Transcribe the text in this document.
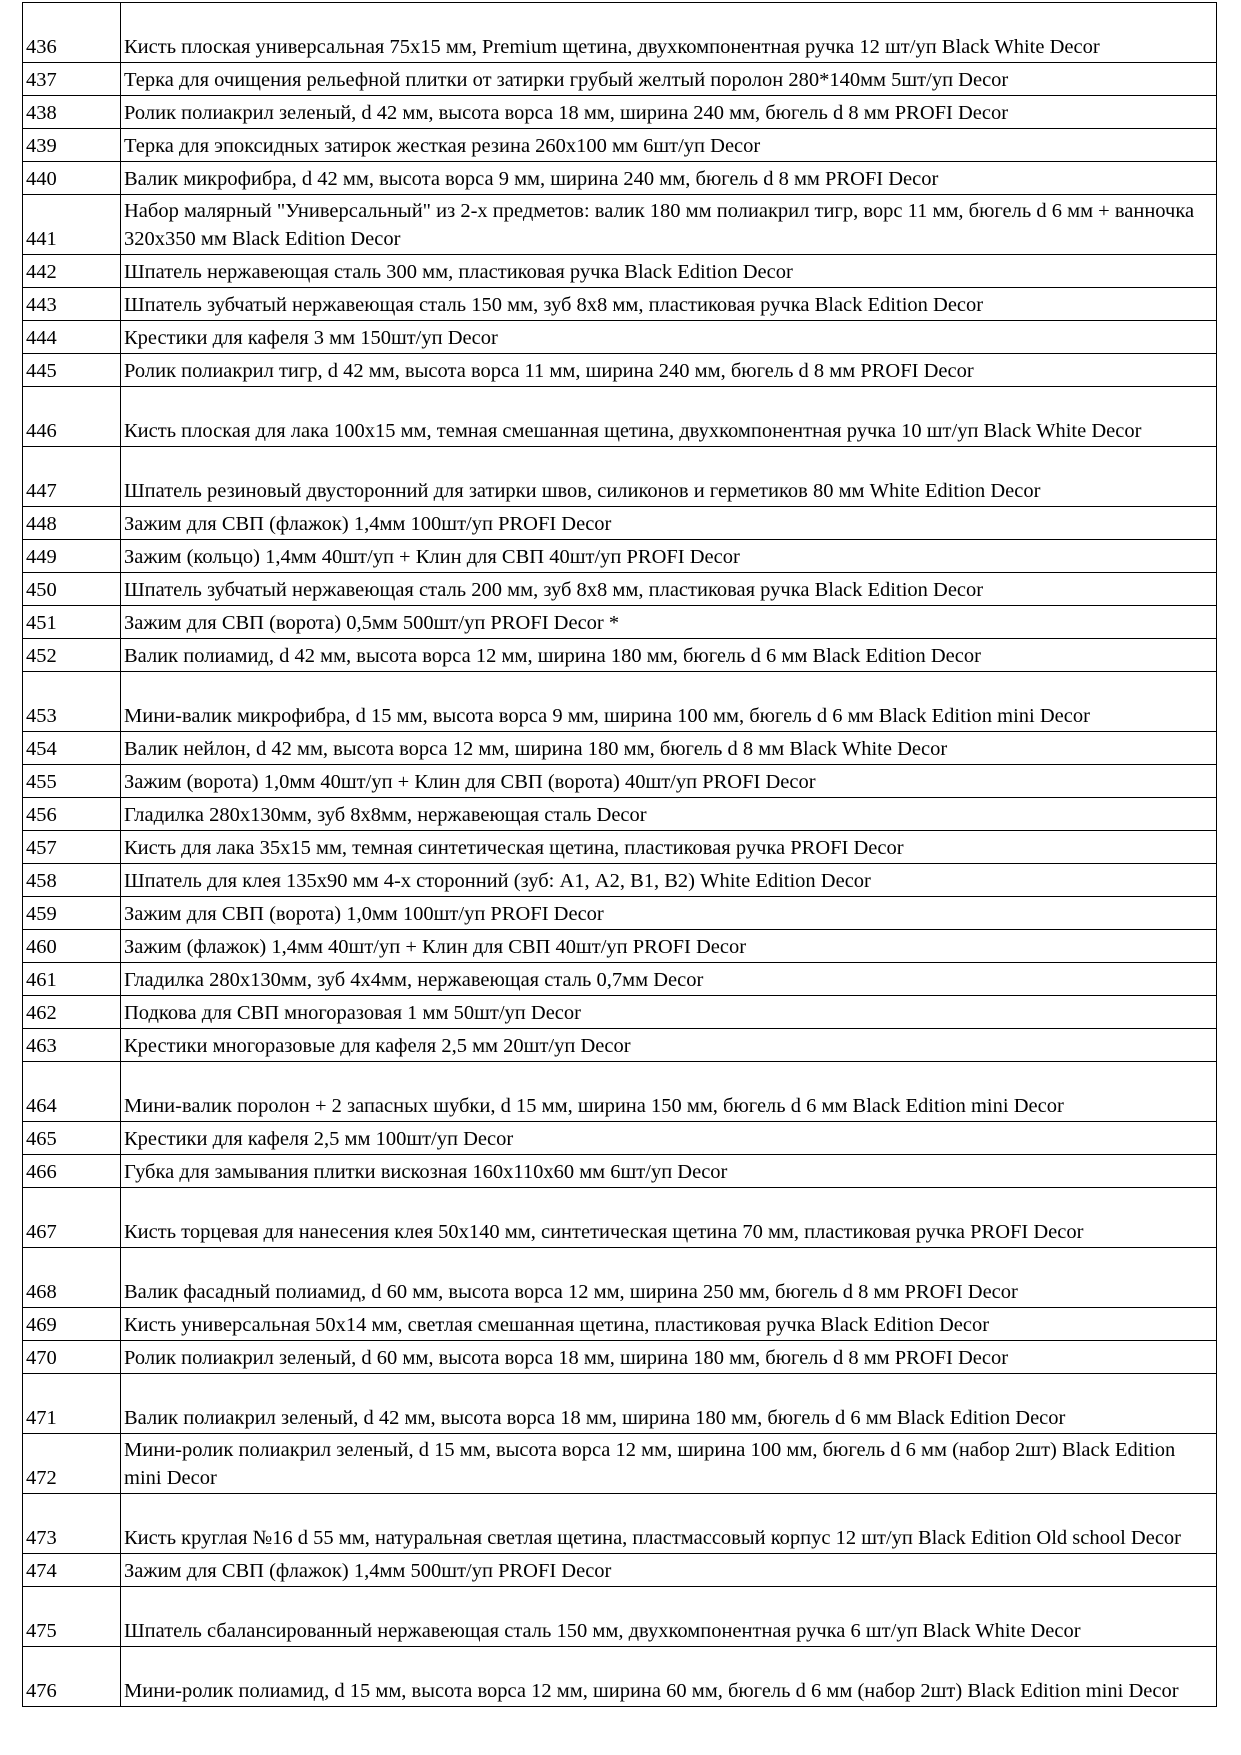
436	Кисть плоская универсальная 75х15 мм, Premium щетина, двухкомпонентная ручка 12 шт/уп Black White Decor
437	Терка для очищения рельефной плитки от затирки грубый желтый поролон 280*140мм 5шт/уп Decor
438	Ролик полиакрил зеленый, d 42 мм, высота ворса 18 мм, ширина 240 мм, бюгель d 8 мм PROFI Decor
439	Терка для эпоксидных затирок жесткая резина 260х100 мм 6шт/уп Decor
440	Валик микрофибра, d 42 мм, высота ворса 9 мм, ширина 240 мм, бюгель d 8 мм PROFI Decor
441	Набор малярный "Универсальный" из 2-х предметов: валик 180 мм полиакрил тигр, ворс 11 мм, бюгель d 6 мм + ванночка 320х350 мм Black Edition Decor
442	Шпатель нержавеющая сталь 300 мм, пластиковая ручка Black Edition Decor
443	Шпатель зубчатый нержавеющая сталь 150 мм, зуб 8х8 мм, пластиковая ручка Black Edition Decor
444	Крестики для кафеля 3 мм 150шт/уп Decor
445	Ролик полиакрил тигр, d 42 мм, высота ворса 11 мм, ширина 240 мм, бюгель d 8 мм PROFI Decor
446	Кисть плоская для лака 100х15 мм, темная смешанная щетина, двухкомпонентная ручка 10 шт/уп Black White Decor
447	Шпатель резиновый двусторонний для затирки швов, силиконов и герметиков 80 мм White Edition Decor
448	Зажим для СВП (флажок) 1,4мм 100шт/уп PROFI Decor
449	Зажим (кольцо) 1,4мм 40шт/уп + Клин для СВП 40шт/уп PROFI Decor
450	Шпатель зубчатый нержавеющая сталь 200 мм, зуб 8х8 мм, пластиковая ручка Black Edition Decor
451	Зажим для СВП (ворота) 0,5мм 500шт/уп PROFI Decor *
452	Валик полиамид, d 42 мм, высота ворса 12 мм, ширина 180 мм, бюгель d 6 мм Black Edition Decor
453	Мини-валик микрофибра, d 15 мм, высота ворса 9 мм, ширина 100 мм, бюгель d 6 мм Black Edition mini Decor
454	Валик нейлон, d 42 мм, высота ворса 12 мм, ширина 180 мм, бюгель d 8 мм Black White Decor
455	Зажим (ворота) 1,0мм 40шт/уп + Клин для СВП (ворота) 40шт/уп PROFI Decor
456	Гладилка 280х130мм, зуб 8х8мм, нержавеющая сталь Decor
457	Кисть для лака 35х15 мм, темная синтетическая щетина, пластиковая ручка PROFI Decor
458	Шпатель для клея 135х90 мм 4-х сторонний (зуб: А1, А2, В1, В2) White Edition Decor
459	Зажим для СВП (ворота) 1,0мм 100шт/уп PROFI Decor
460	Зажим (флажок) 1,4мм 40шт/уп + Клин для СВП 40шт/уп PROFI Decor
461	Гладилка 280х130мм, зуб 4х4мм, нержавеющая сталь 0,7мм Decor
462	Подкова для СВП многоразовая 1 мм 50шт/уп Decor
463	Крестики многоразовые для кафеля 2,5 мм 20шт/уп Decor
464	Мини-валик поролон + 2 запасных шубки, d 15 мм, ширина 150 мм, бюгель d 6 мм Black Edition mini Decor
465	Крестики для кафеля 2,5 мм 100шт/уп Decor
466	Губка для замывания плитки вискозная 160х110х60 мм 6шт/уп Decor
467	Кисть торцевая для нанесения клея 50х140 мм, синтетическая щетина 70 мм, пластиковая ручка PROFI Decor
468	Валик фасадный полиамид, d 60 мм, высота ворса 12 мм, ширина 250 мм, бюгель d 8 мм PROFI Decor
469	Кисть универсальная 50х14 мм, светлая смешанная щетина, пластиковая ручка Black Edition Decor
470	Ролик полиакрил зеленый, d 60 мм, высота ворса 18 мм, ширина 180 мм, бюгель d 8 мм PROFI Decor
471	Валик полиакрил зеленый, d 42 мм, высота ворса 18 мм, ширина 180 мм, бюгель d 6 мм Black Edition Decor
472	Мини-ролик полиакрил зеленый, d 15 мм, высота ворса 12 мм, ширина 100 мм, бюгель d 6 мм (набор 2шт) Black Edition mini Decor
473	Кисть круглая №16 d 55 мм, натуральная светлая щетина, пластмассовый корпус 12 шт/уп Black Edition Old school Decor
474	Зажим для СВП (флажок) 1,4мм 500шт/уп PROFI Decor
475	Шпатель сбалансированный нержавеющая сталь 150 мм, двухкомпонентная ручка 6 шт/уп Black White Decor
476	Мини-ролик полиамид, d 15 мм, высота ворса 12 мм, ширина 60 мм, бюгель d 6 мм (набор 2шт) Black Edition mini Decor
